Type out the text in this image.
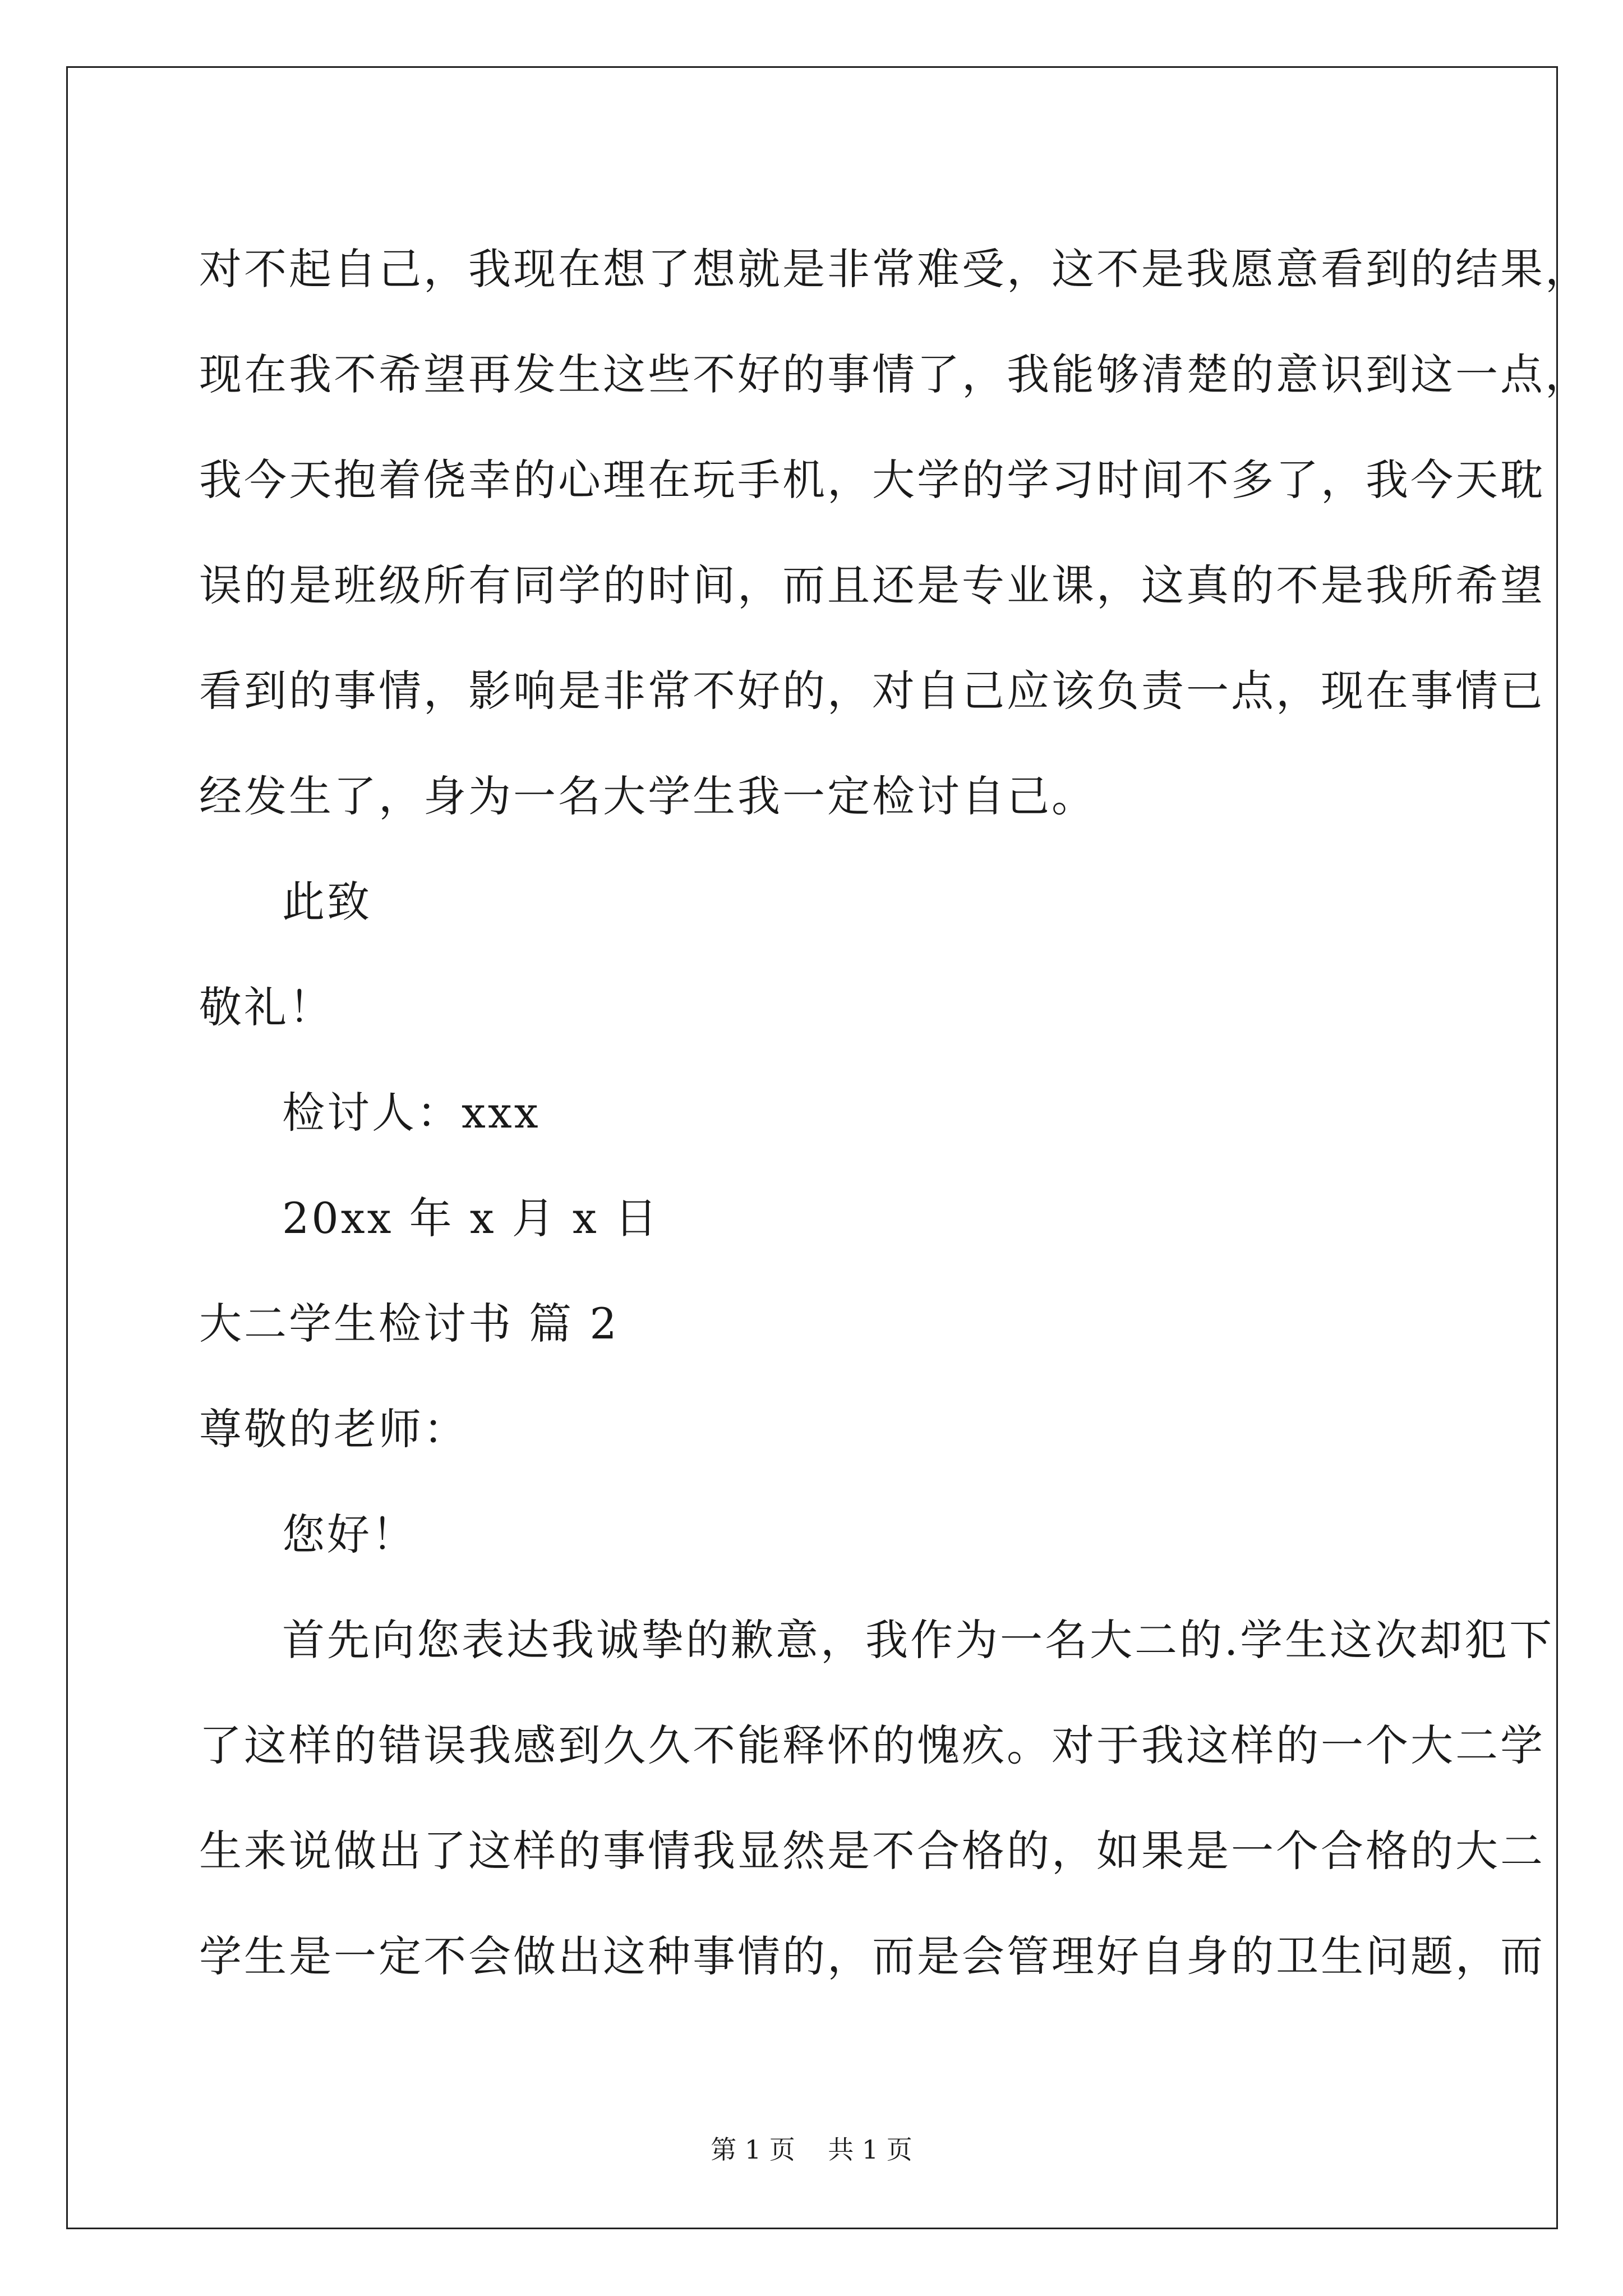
对不起自己，我现在想了想就是非常难受，这不是我愿意看到的结果，
现在我不希望再发生这些不好的事情了，我能够清楚的意识到这一点，
我今天抱着侥幸的心理在玩手机，大学的学习时间不多了，我今天耽
误的是班级所有同学的时间，而且还是专业课，这真的不是我所希望
看到的事情，影响是非常不好的，对自己应该负责一点，现在事情已
经发生了，身为一名大学生我一定检讨自己。
此致
敬礼！
检讨人：xxx
20xx 年 x 月 x 日
大二学生检讨书 篇 2
尊敬的老师：
您好！
首先向您表达我诚挚的歉意，我作为一名大二的.学生这次却犯下
了这样的错误我感到久久不能释怀的愧疚。对于我这样的一个大二学
生来说做出了这样的事情我显然是不合格的，如果是一个合格的大二
学生是一定不会做出这种事情的，而是会管理好自身的卫生问题，而
第 1 页    共 1 页
